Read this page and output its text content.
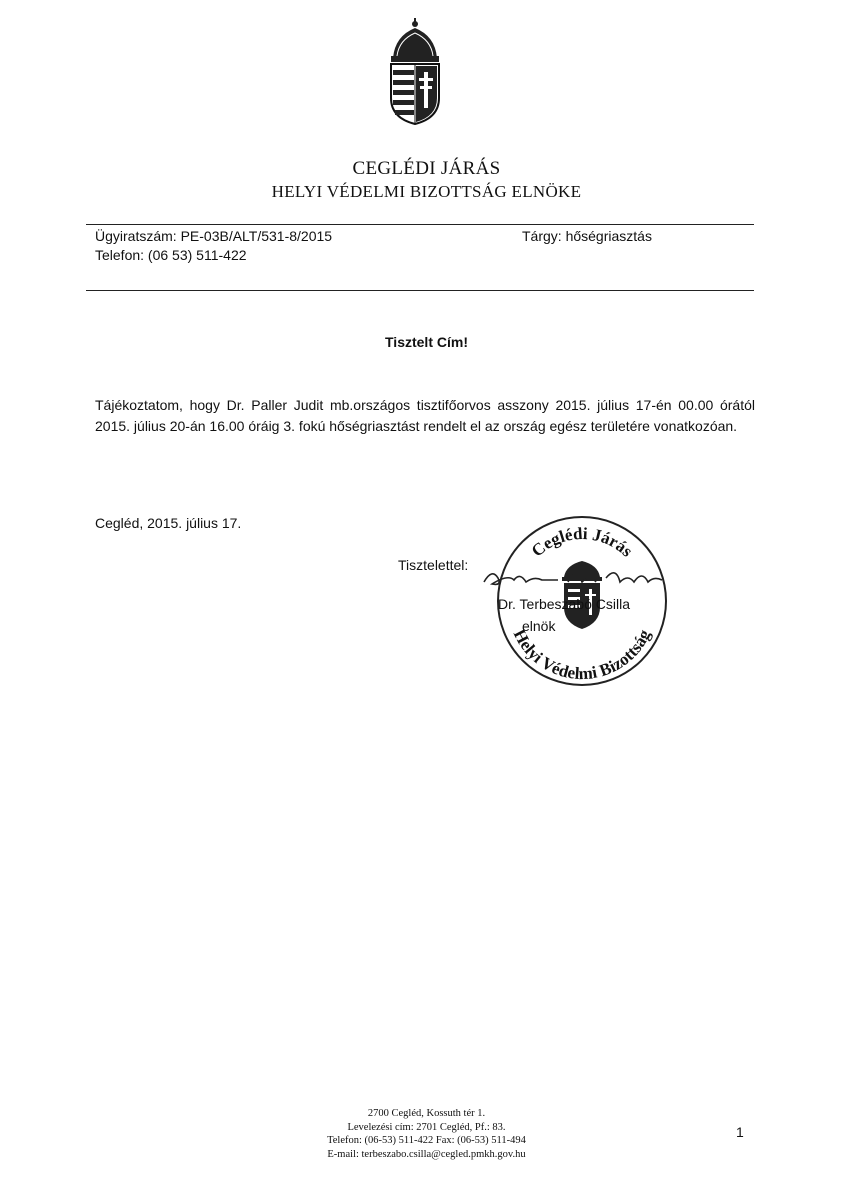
CEGLÉDI JÁRÁS
HELYI VÉDELMI BIZOTTSÁG ELNÖKE
Ügyiratszám: PE-03B/ALT/531-8/2015	Tárgy: hőségriasztás
Telefon: (06 53) 511-422
Tisztelt Cím!
Tájékoztatom, hogy Dr. Paller Judit mb.országos tisztifőorvos asszony 2015. július 17-én 00.00 órától 2015. július 20-án 16.00 óráig 3. fokú hőségriasztást rendelt el az ország egész területére vonatkozóan.
Cegléd, 2015. július 17.
Tisztelettel:
Ceglédi Járás
Helyi Védelmi Bizottság
Dr. Terbeszabó Csilla
elnök
2700 Cegléd, Kossuth tér 1.
Levelezési cím: 2701 Cegléd, Pf.: 83.
Telefon: (06-53) 511-422 Fax: (06-53) 511-494
E-mail: terbeszabo.csilla@cegled.pmkh.gov.hu
1
